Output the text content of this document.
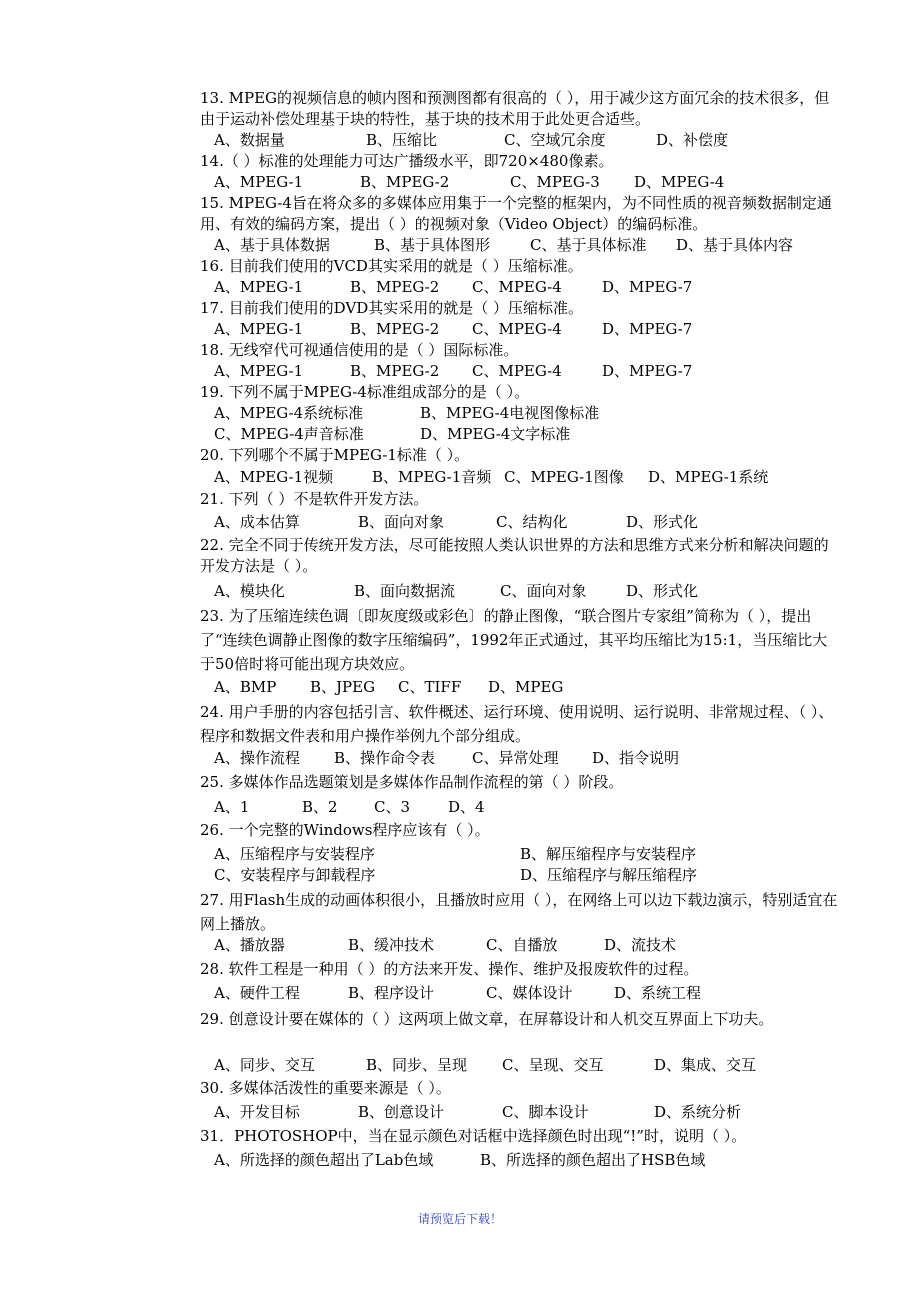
13. MPEG的视频信息的帧内图和预测图都有很高的（ ），用于减少这方面冗余的技术很多，但由于运动补偿处理基于块的特性，基于块的技术用于此处更合适些。
A、数据量	B、压缩比	C、空域冗余度	D、补偿度
14.（ ）标准的处理能力可达广播级水平，即720×480像素。
A、MPEG-1	B、MPEG-2	C、MPEG-3 D、MPEG-4
15. MPEG-4旨在将众多的多媒体应用集于一个完整的框架内，为不同性质的视音频数据制定通用、有效的编码方案，提出（ ）的视频对象（Video Object）的编码标准。
A、基于具体数据	B、基于具体图形	C、基于具体标准 D、基于具体内容
16. 目前我们使用的VCD其实采用的就是（ ）压缩标准。
A、MPEG-1	B、MPEG-2 C、MPEG-4	D、MPEG-7
17. 目前我们使用的DVD其实采用的就是（ ）压缩标准。
A、MPEG-1	B、MPEG-2 C、MPEG-4	D、MPEG-7
18. 无线窄代可视通信使用的是（ ）国际标准。
A、MPEG-1	B、MPEG-2 C、MPEG-4	D、MPEG-7
19. 下列不属于MPEG-4标准组成部分的是（ ）。
A、MPEG-4系统标准	B、MPEG-4电视图像标准
C、MPEG-4声音标准	D、MPEG-4文字标准
20. 下列哪个不属于MPEG-1标准（ ）。
A、MPEG-1视频	B、MPEG-1音频 C、MPEG-1图像 D、MPEG-1系统
21. 下列（ ）不是软件开发方法。
A、成本估算	B、面向对象	C、结构化	D、形式化
22. 完全不同于传统开发方法，尽可能按照人类认识世界的方法和思维方式来分析和解决问题的开发方法是（ ）。
A、模块化	B、面向数据流	C、面向对象	D、形式化
23. 为了压缩连续色调〔即灰度级或彩色〕的静止图像，“联合图片专家组”简称为（ ），提出了“连续色调静止图像的数字压缩编码”，1992年正式通过，其平均压缩比为15:1，当压缩比大于50倍时将可能出现方块效应。
A、BMP B、JPEG C、TIFF D、MPEG
24. 用户手册的内容包括引言、软件概述、运行环境、使用说明、运行说明、非常规过程、（ ）、程序和数据文件表和用户操作举例九个部分组成。
A、操作流程 B、操作命令表 C、异常处理 D、指令说明
25. 多媒体作品选题策划是多媒体作品制作流程的第（ ）阶段。
A、1	B、2 C、3	D、4
26. 一个完整的Windows程序应该有（ ）。
A、压缩程序与安装程序	B、解压缩程序与安装程序
C、安装程序与卸载程序	D、压缩程序与解压缩程序
27. 用Flash生成的动画体积很小，且播放时应用（ ），在网络上可以边下载边演示，特别适宜在网上播放。
A、播放器	B、缓冲技术	C、自播放	D、流技术
28. 软件工程是一种用（ ）的方法来开发、操作、维护及报废软件的过程。
A、硬件工程	B、程序设计	C、媒体设计	D、系统工程
29. 创意设计要在媒体的（ ）这两项上做文章，在屏幕设计和人机交互界面上下功夫。
A、同步、交互	B、同步、呈现 C、呈现、交互	D、集成、交互
30. 多媒体活泼性的重要来源是（ ）。
A、开发目标	B、创意设计	C、脚本设计	D、系统分析
31．PHOTOSHOP中，当在显示颜色对话框中选择颜色时出现“!”时，说明（ ）。
A、所选择的颜色超出了Lab色域	B、所选择的颜色超出了HSB色域
请预览后下载！
